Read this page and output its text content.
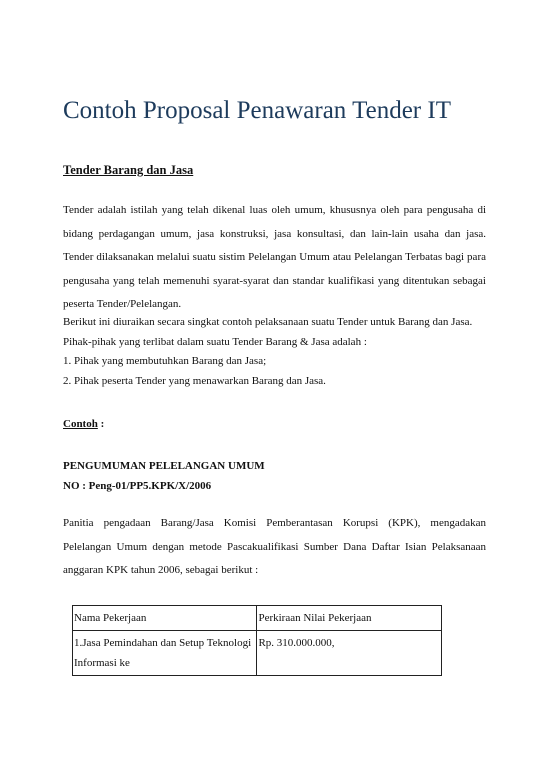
Contoh Proposal Penawaran Tender IT

Tender Barang dan Jasa

Tender adalah istilah yang telah dikenal luas oleh umum, khususnya oleh para pengusaha di bidang perdagangan umum, jasa konstruksi, jasa konsultasi, dan lain-lain usaha dan jasa. Tender dilaksanakan melalui suatu sistim Pelelangan Umum atau Pelelangan Terbatas bagi para pengusaha yang telah memenuhi syarat-syarat dan standar kualifikasi yang ditentukan sebagai peserta Tender/Pelelangan.

Berikut ini diuraikan secara singkat contoh pelaksanaan suatu Tender untuk Barang dan Jasa.
Pihak-pihak yang terlibat dalam suatu Tender Barang & Jasa adalah :
1. Pihak yang membutuhkan Barang dan Jasa;
2. Pihak peserta Tender yang menawarkan Barang dan Jasa.

Contoh :

PENGUMUMAN PELELANGAN UMUM
NO : Peng-01/PP5.KPK/X/2006

Panitia pengadaan Barang/Jasa Komisi Pemberantasan Korupsi (KPK), mengadakan Pelelangan Umum dengan metode Pascakualifikasi Sumber Dana Daftar Isian Pelaksanaan anggaran KPK tahun 2006, sebagai berikut :

Nama Pekerjaan	Perkiraan Nilai Pekerjaan
1.Jasa Pemindahan dan Setup Teknologi Informasi ke	Rp. 310.000.000,
